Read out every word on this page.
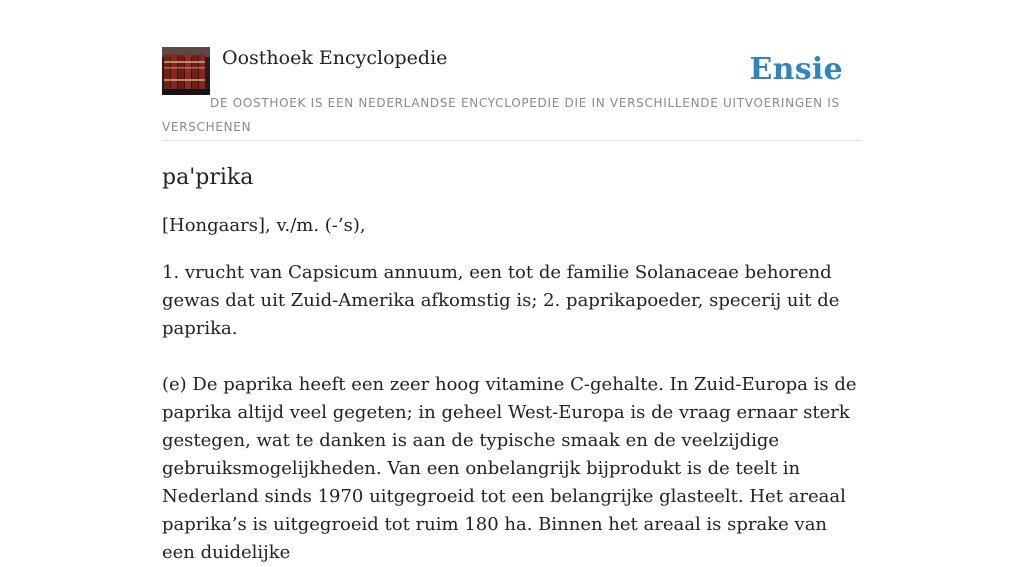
Oosthoek Encyclopedie	Ensie

DE OOSTHOEK IS EEN NEDERLANDSE ENCYCLOPEDIE DIE IN VERSCHILLENDE UITVOERINGEN IS VERSCHENEN

pa'prika

[Hongaars], v./m. (-’s),

1. vrucht van Capsicum annuum, een tot de familie Solanaceae behorend gewas dat uit Zuid-Amerika afkomstig is; 2. paprikapoeder, specerij uit de paprika.

(e) De paprika heeft een zeer hoog vitamine C-gehalte. In Zuid-Europa is de paprika altijd veel gegeten; in geheel West-Europa is de vraag ernaar sterk gestegen, wat te danken is aan de typische smaak en de veelzijdige gebruiksmogelijkheden. Van een onbelangrijk bijprodukt is de teelt in Nederland sinds 1970 uitgegroeid tot een belangrijke glasteelt. Het areaal paprika’s is uitgegroeid tot ruim 180 ha. Binnen het areaal is sprake van een duidelijke
